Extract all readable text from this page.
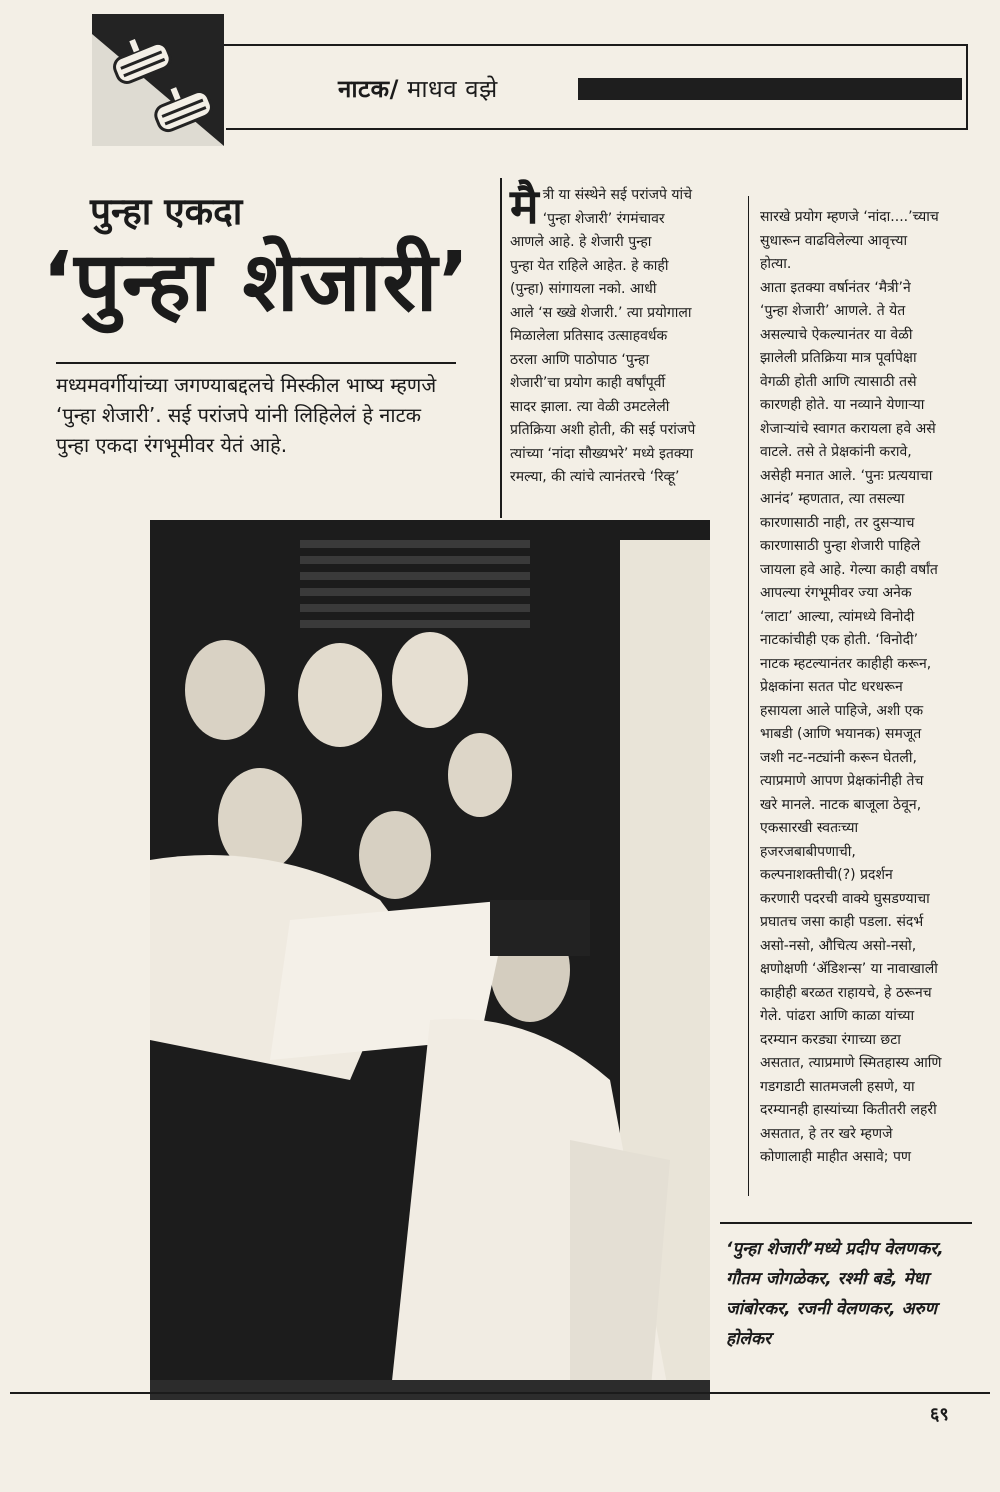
नाटक/ माधव वझे
पुन्हा एकदा
‘पुन्हा शेजारी’
मध्यमवर्गीयांच्या जगण्याबद्दलचे मिस्कील भाष्य म्हणजे ‘पुन्हा शेजारी’. सई परांजपे यांनी लिहिलेलं हे नाटक पुन्हा एकदा रंगभूमीवर येतं आहे.
मै त्री या संस्थेने सई परांजपे यांचे
‘पुन्हा शेजारी’ रंगमंचावर
आणले आहे. हे शेजारी पुन्हा
पुन्हा येत राहिले आहेत. हे काही
(पुन्हा) सांगायला नको. आधी
आले ‘स ख्खे शेजारी.’ त्या प्रयोगाला
मिळालेला प्रतिसाद उत्साहवर्धक
ठरला आणि पाठोपाठ ‘पुन्हा
शेजारी’चा प्रयोग काही वर्षांपूर्वी
सादर झाला. त्या वेळी उमटलेली
प्रतिक्रिया अशी होती, की सई परांजपे
त्यांच्या ‘नांदा सौख्यभरे’ मध्ये इतक्या
रमल्या, की त्यांचे त्यानंतरचे ‘रिव्हू’
सारखे प्रयोग म्हणजे ‘नांदा....’च्याच
सुधारून वाढविलेल्या आवृत्त्या
होत्या.
आता इतक्या वर्षानंतर ‘मैत्री’ने
‘पुन्हा शेजारी’ आणले. ते येत
असल्याचे ऐकल्यानंतर या वेळी
झालेली प्रतिक्रिया मात्र पूर्वापेक्षा
वेगळी होती आणि त्यासाठी तसे
कारणही होते. या नव्याने येणाऱ्या
शेजाऱ्यांचे स्वागत करायला हवे असे
वाटले. तसे ते प्रेक्षकांनी करावे,
असेही मनात आले. ‘पुनः प्रत्ययाचा
आनंद’ म्हणतात, त्या तसल्या
कारणासाठी नाही, तर दुसऱ्याच
कारणासाठी पुन्हा शेजारी पाहिले
जायला हवे आहे. गेल्या काही वर्षांत
आपल्या रंगभूमीवर ज्या अनेक
‘लाटा’ आल्या, त्यांमध्ये विनोदी
नाटकांचीही एक होती. ‘विनोदी’
नाटक म्हटल्यानंतर काहीही करून,
प्रेक्षकांना सतत पोट धरधरून
हसायला आले पाहिजे, अशी एक
भाबडी (आणि भयानक) समजूत
जशी नट-नट्यांनी करून घेतली,
त्याप्रमाणे आपण प्रेक्षकांनीही तेच
खरे मानले. नाटक बाजूला ठेवून,
एकसारखी स्वतःच्या
हजरजबाबीपणाची,
कल्पनाशक्तीची(?) प्रदर्शन
करणारी पदरची वाक्ये घुसडण्याचा
प्रघातच जसा काही पडला. संदर्भ
असो-नसो, औचित्य असो-नसो,
क्षणोक्षणी ‘ॲडिशन्स’ या नावाखाली
काहीही बरळत राहायचे, हे ठरूनच
गेले. पांढरा आणि काळा यांच्या
दरम्यान करड्या रंगाच्या छटा
असतात, त्याप्रमाणे स्मितहास्य आणि
गडगडाटी सातमजली हसणे, या
दरम्यानही हास्यांच्या कितीतरी लहरी
असतात, हे तर खरे म्हणजे
कोणालाही माहीत असावे; पण
‘पुन्हा शेजारी’मध्ये प्रदीप वेलणकर, गौतम जोगळेकर, रश्मी बडे, मेधा जांबोरकर, रजनी वेलणकर, अरुण होलेकर
६९
